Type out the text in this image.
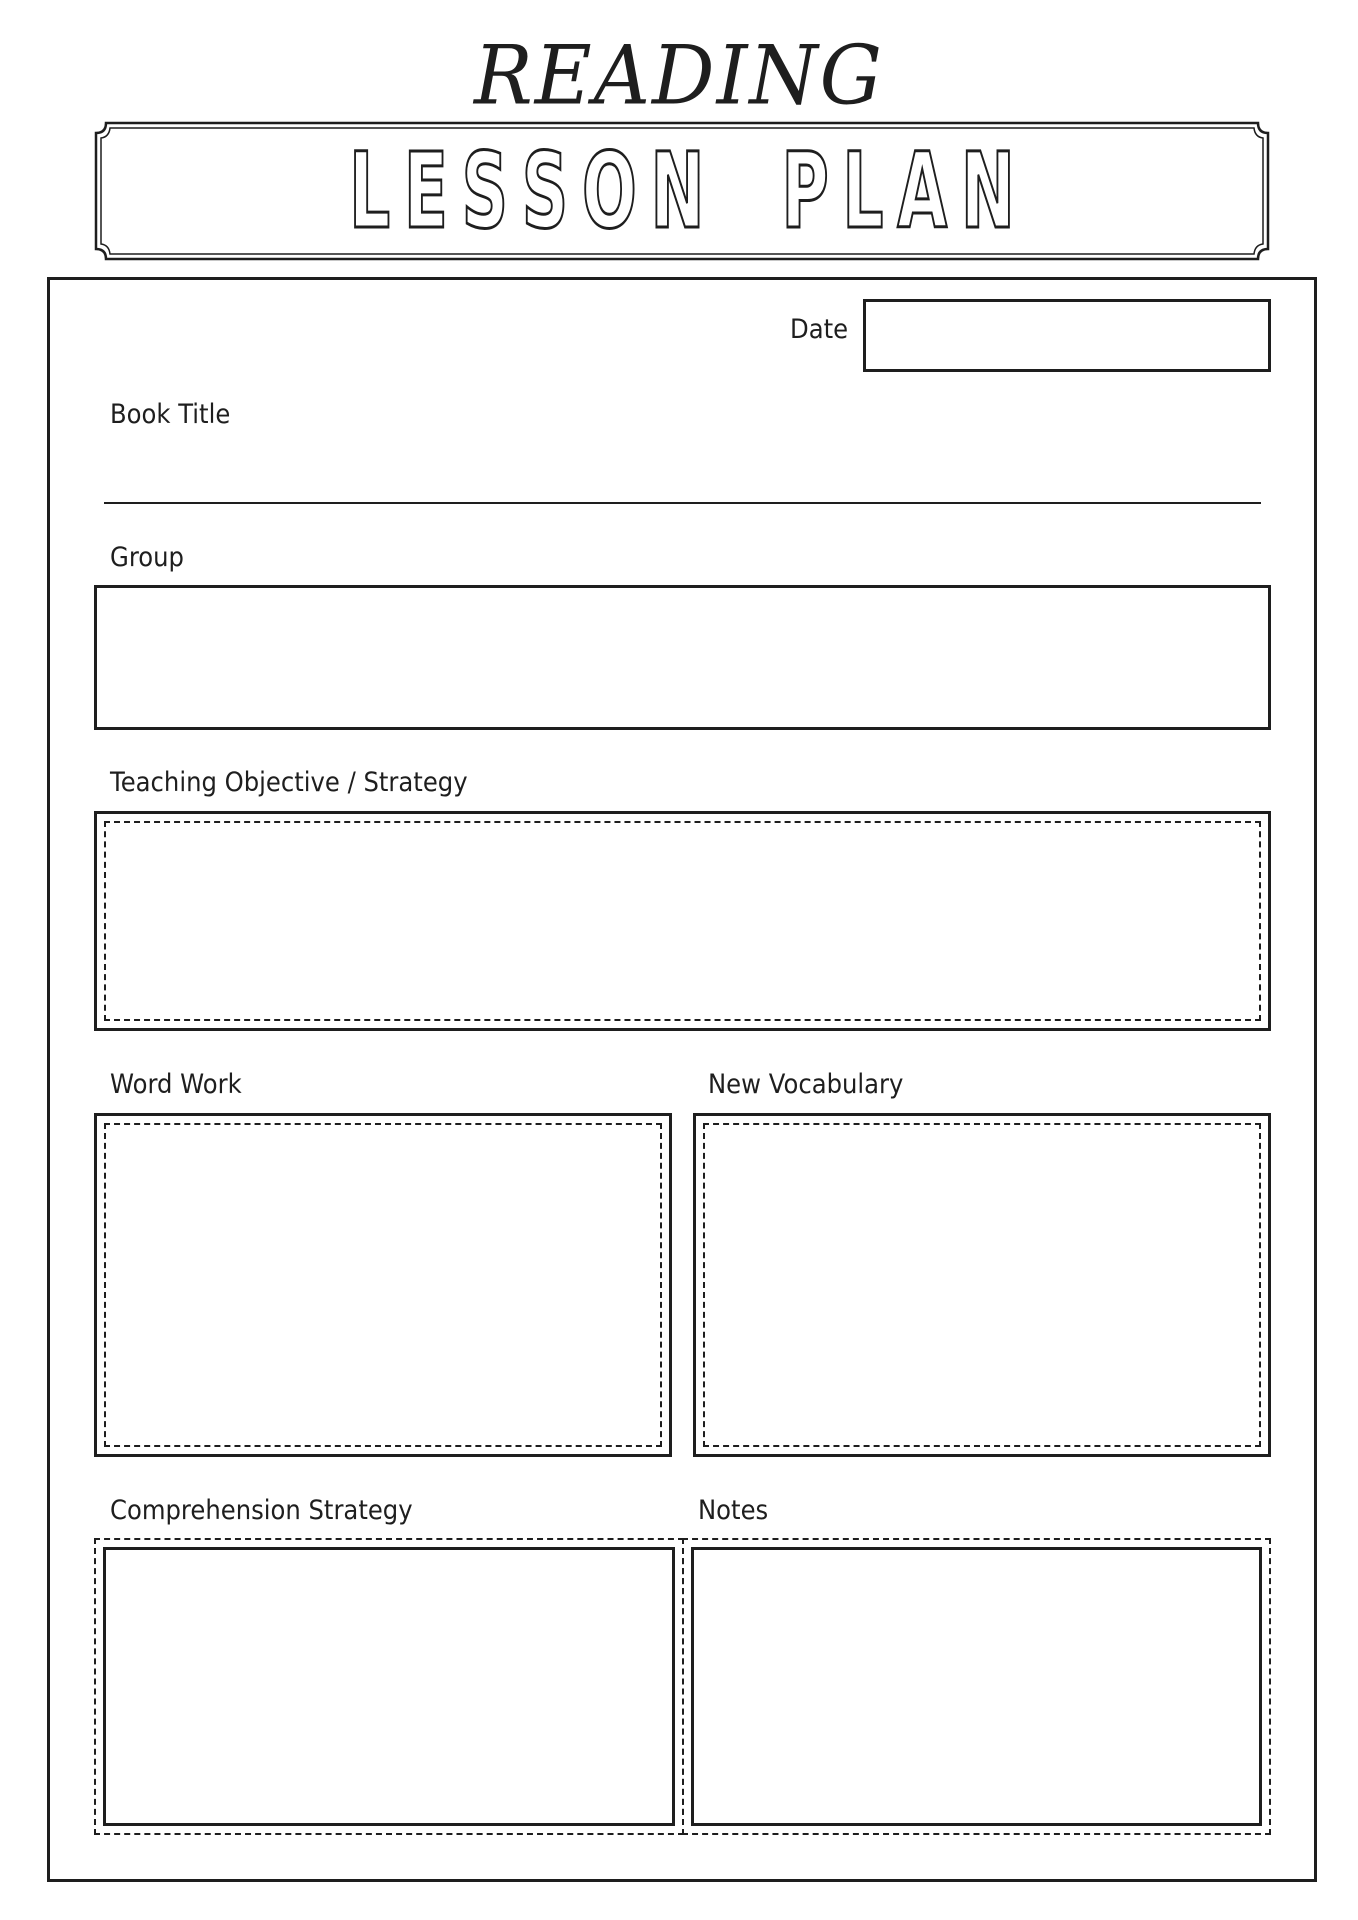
READING
L E S S O N P L A N
Date
Book Title
Group
Teaching Objective / Strategy
Word Work	New Vocabulary
Comprehension Strategy	Notes
